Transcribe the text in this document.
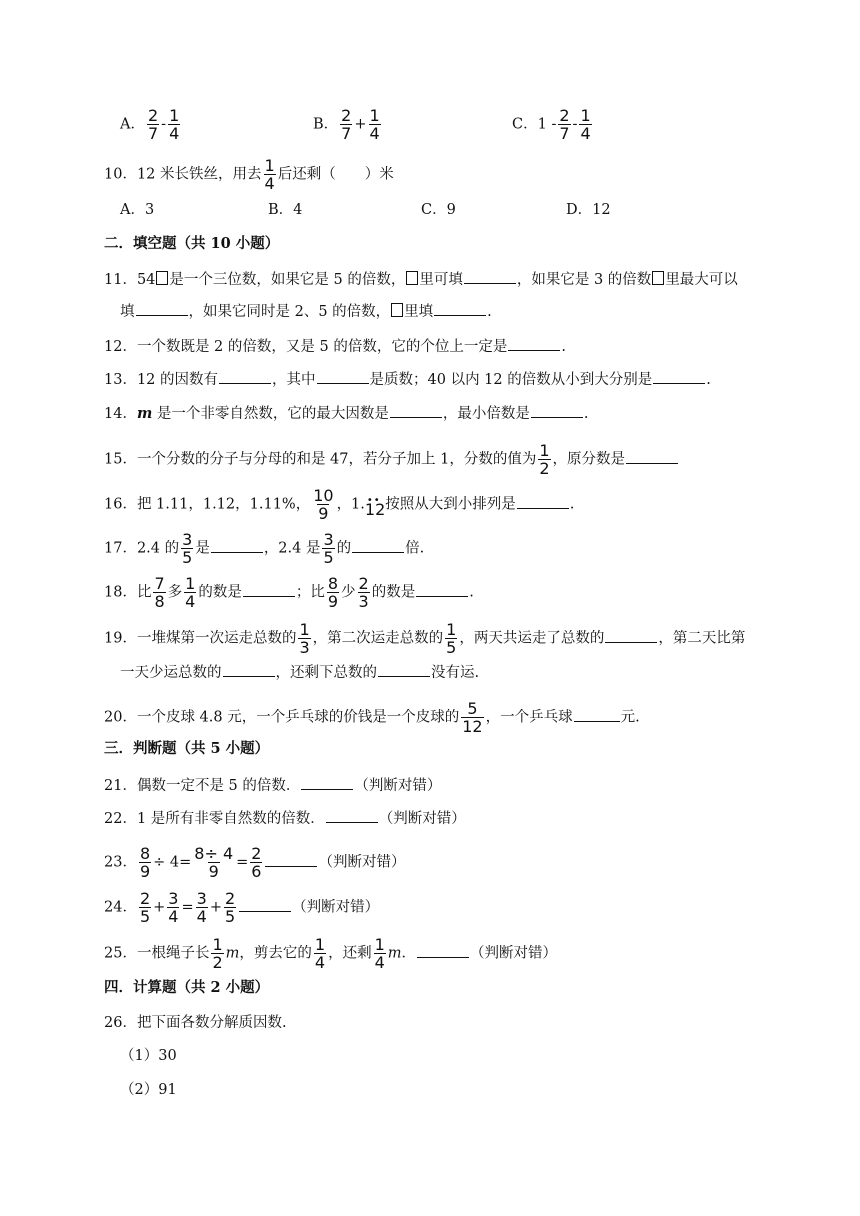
A． $\frac{2}{7} - \frac{1}{4}$	B． $\frac{2}{7} + \frac{1}{4}$	C．$1 - \frac{2}{7} - \frac{1}{4}$
10．12 米长铁丝，用去 $\frac{1}{4}$ 后还剩（　　）米
A．3	B．4	C．9	D．12
二．填空题（共 10 小题）
11．54 是一个三位数，如果它是 5 的倍数， 里可填	，如果它是 3 的倍数 里最大可以
填	，如果它同时是 2、5 的倍数， 里填	.
12．一个数既是 2 的倍数，又是 5 的倍数，它的个位上一定是	.
13．12 的因数有	，其中	是质数；40 以内 12 的倍数从小到大分别是	.
14．m 是一个非零自然数，它的最大因数是	，最小倍数是	.
15．一个分数的分子与分母的和是 47，若分子加上 1，分数的值为 $\frac{1}{2}$ ，原分数是
16．把 1.11，1.12，1.11%， $\frac{10}{9}$ ，1.•• 12按照从大到小排列是	.
17．2.4 的 $\frac{3}{5}$ 是	，2.4 是 $\frac{3}{5}$ 的	倍.
18．比 $\frac{7}{8}$ 多 $\frac{1}{4}$ 的数是	；比 $\frac{8}{9}$ 少 $\frac{2}{3}$ 的数是	.
19．一堆煤第一次运走总数的 $\frac{1}{3}$ ，第二次运走总数的 $\frac{1}{5}$ ，两天共运走了总数的	，第二天比第
一天少运总数的	，还剩下总数的	没有运.
20．一个皮球 4.8 元，一个乒乓球的价钱是一个皮球的 $\frac{5}{12}$ ，一个乒乓球	元.
三．判断题（共 5 小题）
21．偶数一定不是 5 的倍数．	（判断对错）
22．1 是所有非零自然数的倍数．	（判断对错）
23． $\frac{8}{9} \div 4= \frac{8\div 4}{9} = \frac{2}{6}$	（判断对错）
24． $\frac{2}{5} + \frac{3}{4} = \frac{3}{4} + \frac{2}{5}$	（判断对错）
25．一根绳子长 $\frac{1}{2}$ m，剪去它的 $\frac{1}{4}$ ，还剩 $\frac{1}{4}$ m．	（判断对错）
四．计算题（共 2 小题）
26．把下面各数分解质因数.
（1）30
（2）91
